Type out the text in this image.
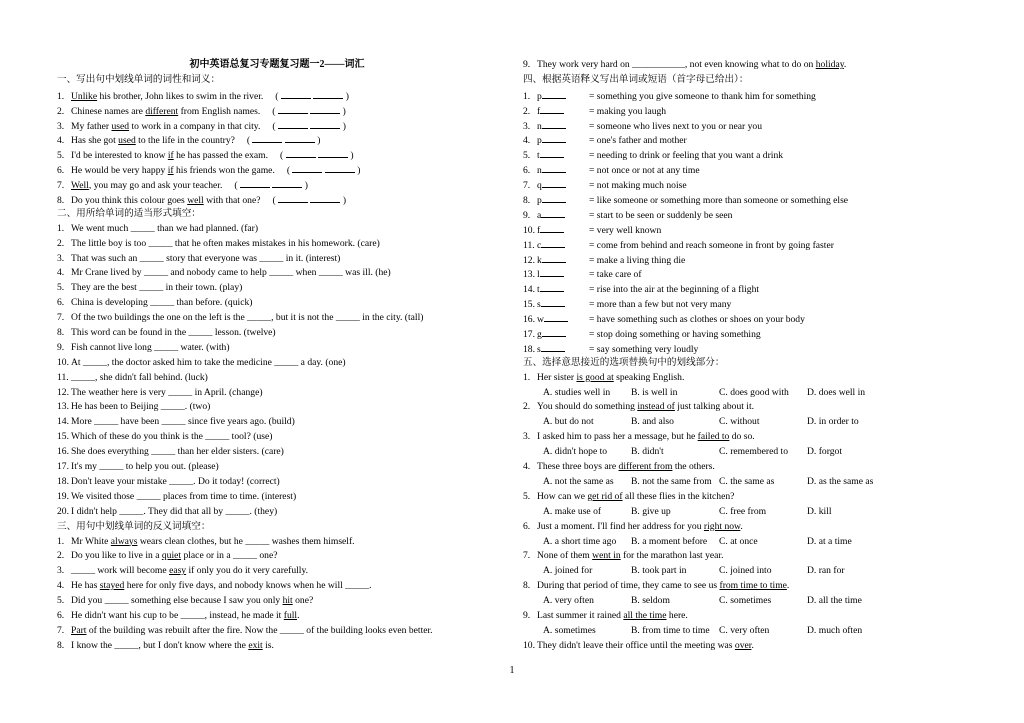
初中英语总复习专题复习题一2——词汇
一、写出句中划线单词的词性和词义：
1.Unlike his brother, John likes to swim in the river. (	)
2.Chinese names are different from English names. (	)
3.My father used to work in a company in that city. (	)
4.Has she got used to the life in the country? (	)
5.I'd be interested to know if he has passed the exam. (	)
6.He would be very happy if his friends won the game. (	)
7.Well, you may go and ask your teacher. (	)
8.Do you think this colour goes well with that one? (	)
二、用所给单词的适当形式填空：
1.We went much _____ than we had planned. (far)
2.The little boy is too _____ that he often makes mistakes in his homework. (care)
3.That was such an _____ story that everyone was _____ in it. (interest)
4.Mr Crane lived by _____ and nobody came to help _____ when _____ was ill. (he)
5.They are the best _____ in their town. (play)
6.China is developing _____ than before. (quick)
7.Of the two buildings the one on the left is the _____, but it is not the _____ in the city. (tall)
8.This word can be found in the _____ lesson. (twelve)
9.Fish cannot live long _____ water. (with)
10.At _____, the doctor asked him to take the medicine _____ a day. (one)
11._____, she didn't fall behind. (luck)
12.The weather here is very _____ in April. (change)
13.He has been to Beijing _____. (two)
14.More _____ have been _____ since five years ago. (build)
15.Which of these do you think is the _____ tool? (use)
16.She does everything _____ than her elder sisters. (care)
17.It's my _____ to help you out. (please)
18.Don't leave your mistake _____. Do it today! (correct)
19.We visited those _____ places from time to time. (interest)
20.I didn't help _____. They did that all by _____. (they)
三、用句中划线单词的反义词填空：
1.Mr White always wears clean clothes, but he _____ washes them himself.
2.Do you like to live in a quiet place or in a _____ one?
3._____ work will become easy if only you do it very carefully.
4.He has stayed here for only five days, and nobody knows when he will _____.
5.Did you _____ something else because I saw you only hit one?
6.He didn't want his cup to be _____, instead, he made it full.
7.Part of the building was rebuilt after the fire. Now the _____ of the building looks even better.
8.I know the _____, but I don't know where the exit is.
9.They work very hard on ___________, not even knowing what to do on holiday.
四、根据英语释义写出单词或短语（首字母已给出）：
1.p	= something you give someone to thank him for something
2.f	= making you laugh
3.n	= someone who lives next to you or near you
4.p	= one's father and mother
5.t	= needing to drink or feeling that you want a drink
6.n	= not once or not at any time
7.q	= not making much noise
8.p	= like someone or something more than someone or something else
9.a	= start to be seen or suddenly be seen
10.f	= very well known
11.c	= come from behind and reach someone in front by going faster
12.k	= make a living thing die
13.l	= take care of
14.t	= rise into the air at the beginning of a flight
15.s	= more than a few but not very many
16.w	= have something such as clothes or shoes on your body
17.g	= stop doing something or having something
18.s	= say something very loudly
五、选择意思接近的选项替换句中的划线部分：
1.Her sister is good at speaking English.
A. studies well in B. is well in	C. does good with D. does well in
2.You should do something instead of just talking about it.
A. but do not	B. and also	C. without	D. in order to
3.I asked him to pass her a message, but he failed to do so.
A. didn't hope to B. didn't	C. remembered to D. forgot
4.These three boys are different from the others.
A. not the same as B. not the same from C. the same as	D. as the same as
5.How can we get rid of all these flies in the kitchen?
A. make use of	B. give up	C. free from	D. kill
6.Just a moment. I'll find her address for you right now.
A. a short time ago B. a moment before C. at once	D. at a time
7.None of them went in for the marathon last year.
A. joined for	B. took part in	C. joined into	D. ran for
8.During that period of time, they came to see us from time to time.
A. very often	B. seldom	C. sometimes	D. all the time
9.Last summer it rained all the time here.
A. sometimes	B. from time to time C. very often	D. much often
10.They didn't leave their office until the meeting was over.
1
